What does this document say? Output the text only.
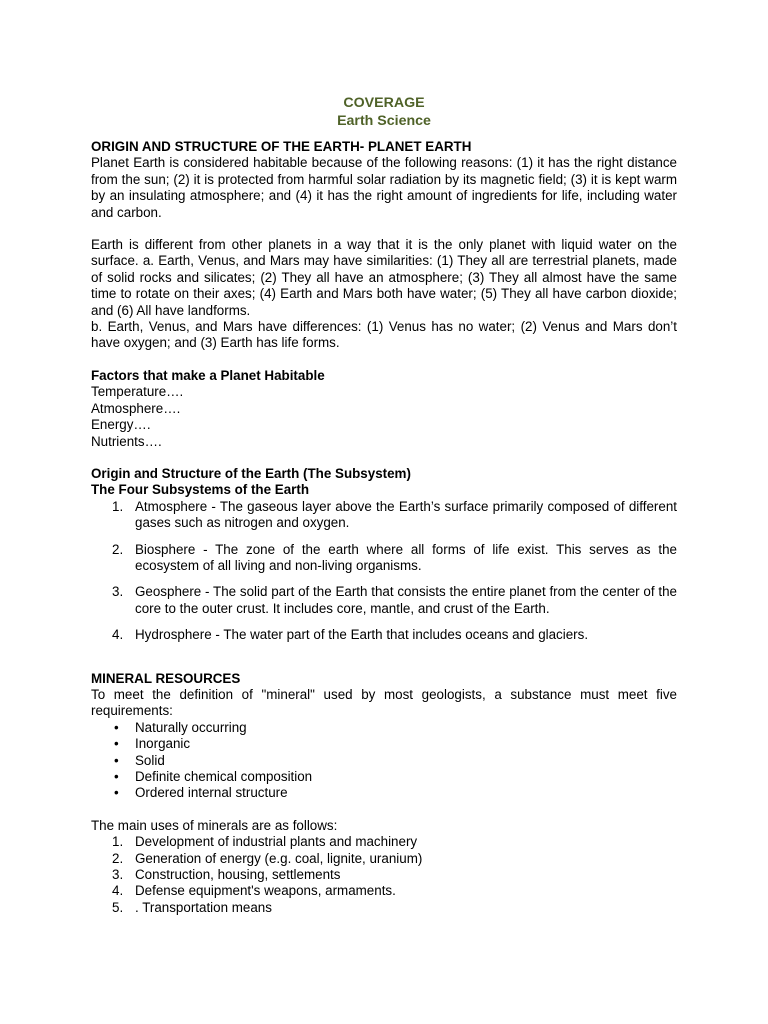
COVERAGE
Earth Science
ORIGIN AND STRUCTURE OF THE EARTH- PLANET EARTH

Planet Earth is considered habitable because of the following reasons: (1) it has the right distance from the sun; (2) it is protected from harmful solar radiation by its magnetic field; (3) it is kept warm by an insulating atmosphere; and (4) it has the right amount of ingredients for life, including water and carbon.

Earth is different from other planets in a way that it is the only planet with liquid water on the surface. a. Earth, Venus, and Mars may have similarities: (1) They all are terrestrial planets, made of solid rocks and silicates; (2) They all have an atmosphere; (3) They all almost have the same time to rotate on their axes; (4) Earth and Mars both have water; (5) They all have carbon dioxide; and (6) All have landforms.

b. Earth, Venus, and Mars have differences: (1) Venus has no water; (2) Venus and Mars don’t have oxygen; and (3) Earth has life forms.

Factors that make a Planet Habitable
Temperature….
Atmosphere….
Energy….
Nutrients….
Origin and Structure of the Earth (The Subsystem)
The Four Subsystems of the Earth
1. Atmosphere - The gaseous layer above the Earth’s surface primarily composed of different gases such as nitrogen and oxygen.
2. Biosphere - The zone of the earth where all forms of life exist. This serves as the ecosystem of all living and non-living organisms.
3. Geosphere - The solid part of the Earth that consists the entire planet from the center of the core to the outer crust. It includes core, mantle, and crust of the Earth.
4. Hydrosphere - The water part of the Earth that includes oceans and glaciers.
MINERAL RESOURCES

To meet the definition of "mineral" used by most geologists, a substance must meet five requirements:

• Naturally occurring
• Inorganic
• Solid
• Definite chemical composition
• Ordered internal structure
The main uses of minerals are as follows:
1. Development of industrial plants and machinery
2. Generation of energy (e.g. coal, lignite, uranium)
3. Construction, housing, settlements
4. Defense equipment's weapons, armaments.
5. . Transportation means
